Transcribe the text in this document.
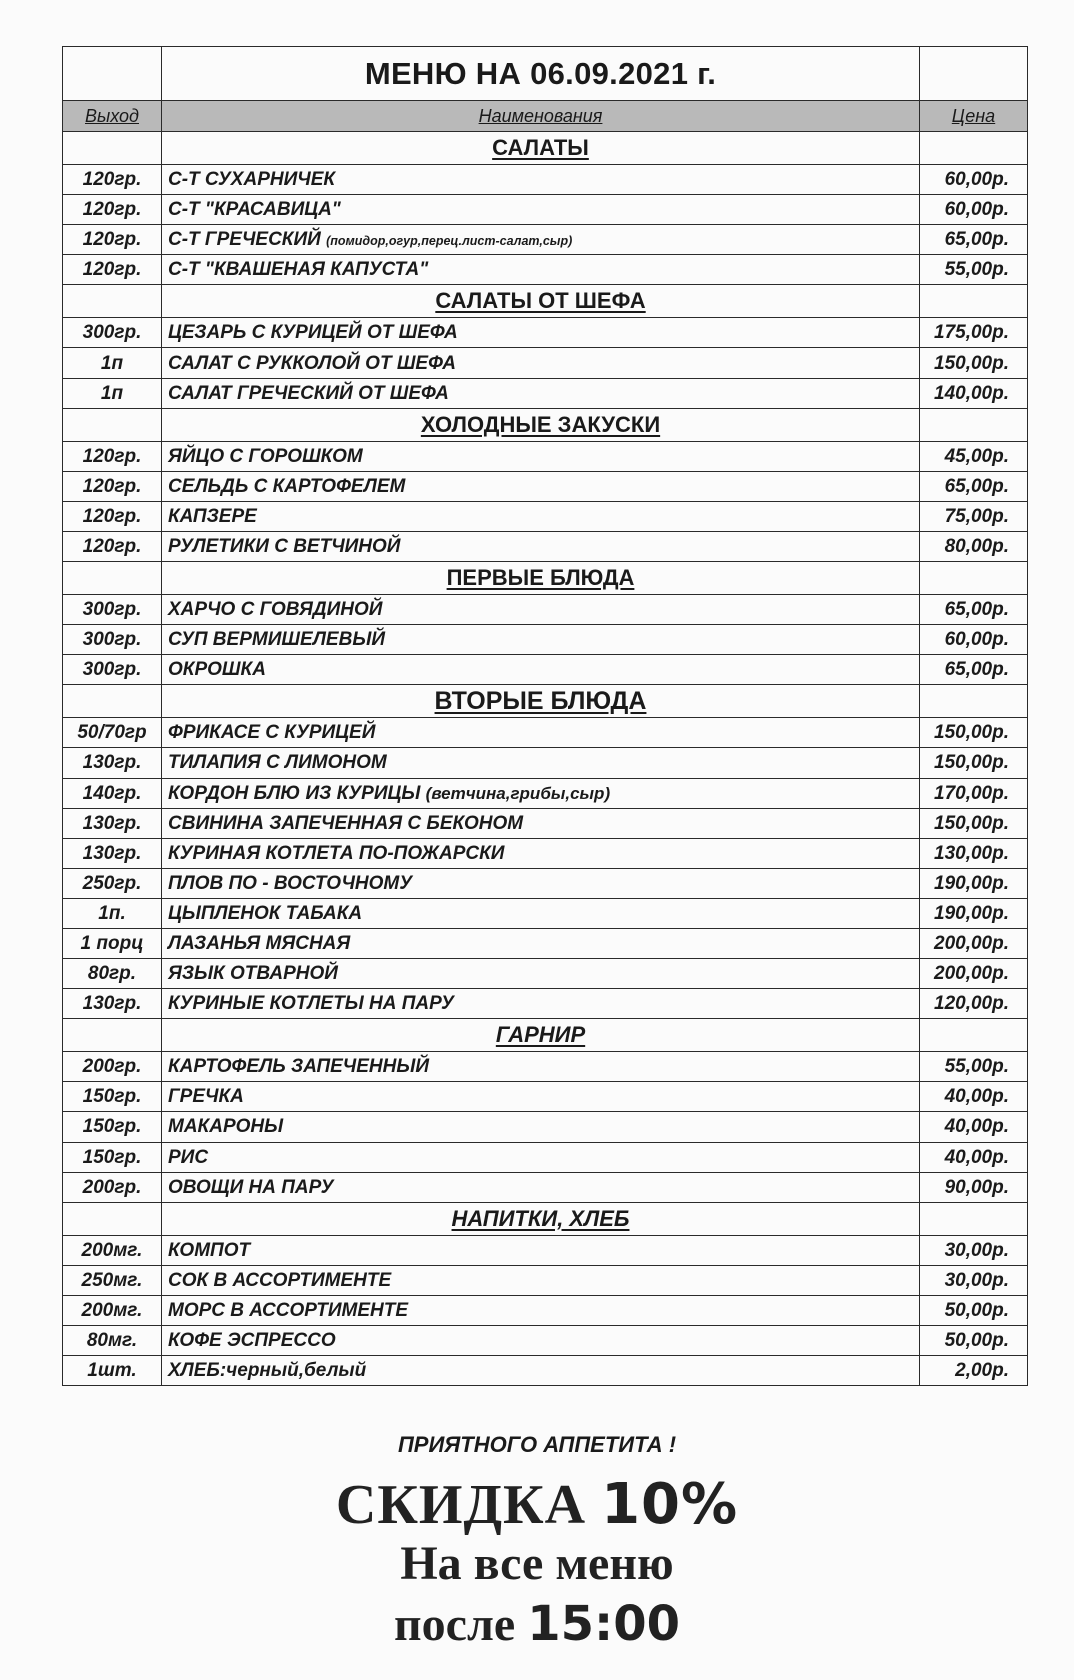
	МЕНЮ НА 06.09.2021 г.	
Выход	Наименования	Цена
	САЛАТЫ	
120гр.	С-Т СУХАРНИЧЕК	60,00р.
120гр.	С-Т "КРАСАВИЦА"	60,00р.
120гр.	С-Т ГРЕЧЕСКИЙ (помидор,огур,перец.лист-салат,сыр)	65,00р.
120гр.	С-Т "КВАШЕНАЯ КАПУСТА"	55,00р.
	САЛАТЫ ОТ ШЕФА	
300гр.	ЦЕЗАРЬ С КУРИЦЕЙ ОТ ШЕФА	175,00р.
1п	САЛАТ С РУККОЛОЙ ОТ ШЕФА	150,00р.
1п	САЛАТ ГРЕЧЕСКИЙ ОТ ШЕФА	140,00р.
	ХОЛОДНЫЕ ЗАКУСКИ	
120гр.	ЯЙЦО С ГОРОШКОМ	45,00р.
120гр.	СЕЛЬДЬ С КАРТОФЕЛЕМ	65,00р.
120гр.	КАПЗЕРЕ	75,00р.
120гр.	РУЛЕТИКИ С ВЕТЧИНОЙ	80,00р.
	ПЕРВЫЕ БЛЮДА	
300гр.	ХАРЧО С ГОВЯДИНОЙ	65,00р.
300гр.	СУП ВЕРМИШЕЛЕВЫЙ	60,00р.
300гр.	ОКРОШКА	65,00р.
	ВТОРЫЕ БЛЮДА	
50/70гр	ФРИКАСЕ С КУРИЦЕЙ	150,00р.
130гр.	ТИЛАПИЯ С ЛИМОНОМ	150,00р.
140гр.	КОРДОН БЛЮ ИЗ КУРИЦЫ (ветчина,грибы,сыр)	170,00р.
130гр.	СВИНИНА ЗАПЕЧЕННАЯ С БЕКОНОМ	150,00р.
130гр.	КУРИНАЯ КОТЛЕТА ПО-ПОЖАРСКИ	130,00р.
250гр.	ПЛОВ ПО - ВОСТОЧНОМУ	190,00р.
1п.	ЦЫПЛЕНОК ТАБАКА	190,00р.
1 порц	ЛАЗАНЬЯ МЯСНАЯ	200,00р.
80гр.	ЯЗЫК ОТВАРНОЙ	200,00р.
130гр.	КУРИНЫЕ КОТЛЕТЫ НА ПАРУ	120,00р.
	ГАРНИР	
200гр.	КАРТОФЕЛЬ ЗАПЕЧЕННЫЙ	55,00р.
150гр.	ГРЕЧКА	40,00р.
150гр.	МАКАРОНЫ	40,00р.
150гр.	РИС	40,00р.
200гр.	ОВОЩИ НА ПАРУ	90,00р.
	НАПИТКИ, ХЛЕБ	
200мг.	КОМПОТ	30,00р.
250мг.	СОК В АССОРТИМЕНТЕ	30,00р.
200мг.	МОРС В АССОРТИМЕНТЕ	50,00р.
80мг.	КОФЕ ЭСПРЕССО	50,00р.
1шт.	ХЛЕБ:черный,белый	2,00р.
ПРИЯТНОГО АППЕТИТА !
СКИДКА 10%
На все меню
после 15:00
